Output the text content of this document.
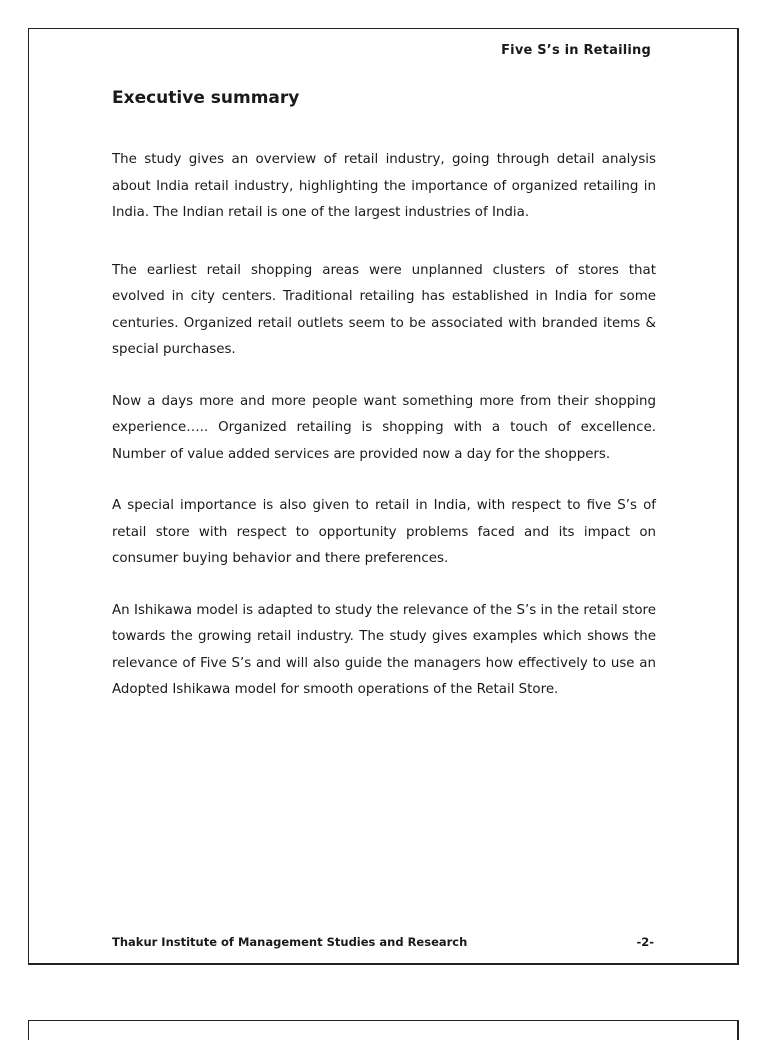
Five S’s in Retailing
Executive summary

The study gives an overview of retail industry, going through detail analysis about India retail industry, highlighting the importance of organized retailing in India. The Indian retail is one of the largest industries of India.

The earliest retail shopping areas were unplanned clusters of stores that evolved in city centers. Traditional retailing has established in India for some centuries. Organized retail outlets seem to be associated with branded items & special purchases.

Now a days more and more people want something more from their shopping experience….. Organized retailing is shopping with a touch of excellence. Number of value added services are provided now a day for the shoppers.

A special importance is also given to retail in India, with respect to five S’s of retail store with respect to opportunity problems faced and its impact on consumer buying behavior and there preferences.

An Ishikawa model is adapted to study the relevance of the S’s in the retail store towards the growing retail industry. The study gives examples which shows the relevance of Five S’s and will also guide the managers how effectively to use an Adopted Ishikawa model for smooth operations of the Retail Store.

Thakur Institute of Management Studies and Research	-2-
